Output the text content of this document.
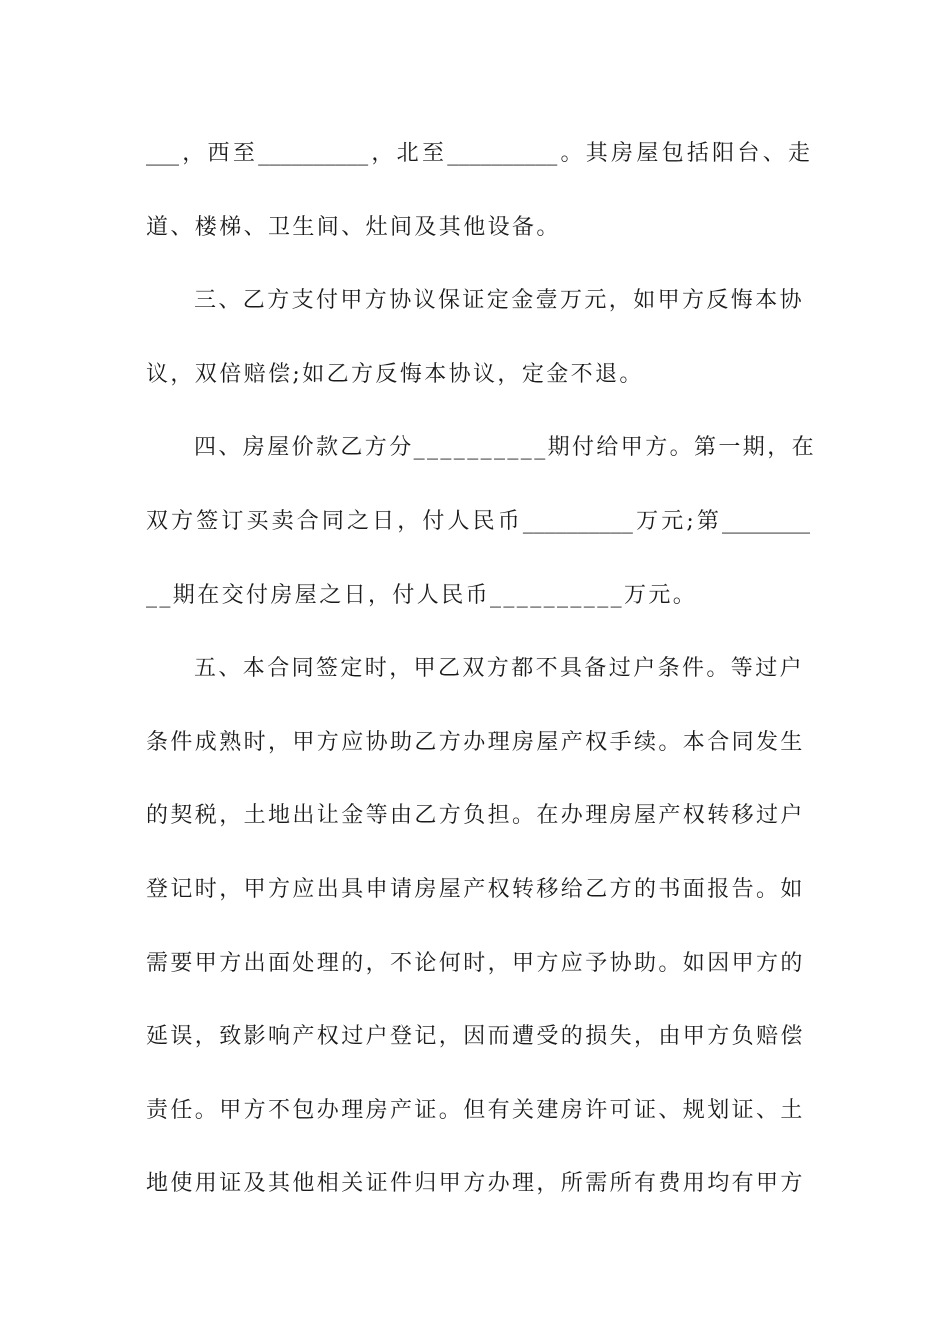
___，西至__________，北至__________。其房屋包括阳台、走
道、楼梯、卫生间、灶间及其他设备。
三、乙方支付甲方协议保证定金壹万元，如甲方反悔本协
议，双倍赔偿;如乙方反悔本协议，定金不退。
四、房屋价款乙方分__________期付给甲方。第一期，在
双方签订买卖合同之日，付人民币__________万元;第________
__期在交付房屋之日，付人民币__________万元。
五、本合同签定时，甲乙双方都不具备过户条件。等过户
条件成熟时，甲方应协助乙方办理房屋产权手续。本合同发生
的契税，土地出让金等由乙方负担。在办理房屋产权转移过户
登记时，甲方应出具申请房屋产权转移给乙方的书面报告。如
需要甲方出面处理的，不论何时，甲方应予协助。如因甲方的
延误，致影响产权过户登记，因而遭受的损失，由甲方负赔偿
责任。甲方不包办理房产证。但有关建房许可证、规划证、土
地使用证及其他相关证件归甲方办理，所需所有费用均有甲方
